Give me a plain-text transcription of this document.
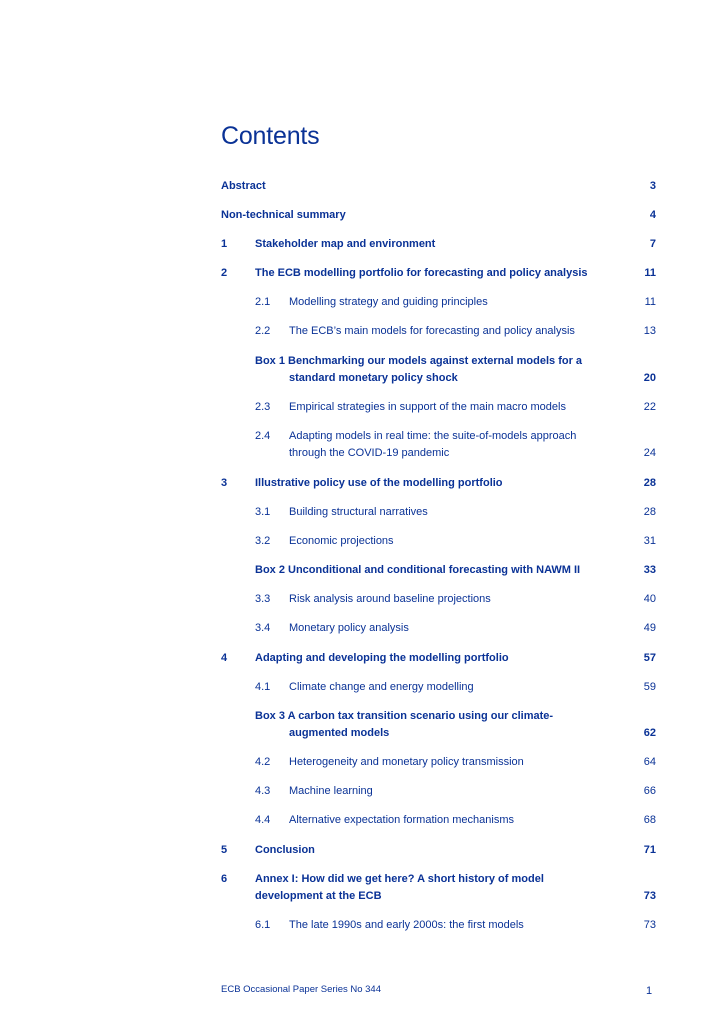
Contents
Abstract	3
Non-technical summary	4
1	Stakeholder map and environment	7
2	The ECB modelling portfolio for forecasting and policy analysis	11
2.1 Modelling strategy and guiding principles	11
2.2 The ECB’s main models for forecasting and policy analysis	13
Box 1 Benchmarking our models against external models for a
standard monetary policy shock	20
2.3 Empirical strategies in support of the main macro models	22
2.4 Adapting models in real time: the suite-of-models approach
through the COVID-19 pandemic	24
3	Illustrative policy use of the modelling portfolio	28
3.1 Building structural narratives	28
3.2 Economic projections	31
Box 2 Unconditional and conditional forecasting with NAWM II	33
3.3 Risk analysis around baseline projections	40
3.4 Monetary policy analysis	49
4	Adapting and developing the modelling portfolio	57
4.1 Climate change and energy modelling	59
Box 3 A carbon tax transition scenario using our climate-
augmented models	62
4.2 Heterogeneity and monetary policy transmission	64
4.3 Machine learning	66
4.4 Alternative expectation formation mechanisms	68
5	Conclusion	71
6	Annex I: How did we get here? A short history of model
development at the ECB	73
6.1 The late 1990s and early 2000s: the first models	73
ECB Occasional Paper Series No 344	1
